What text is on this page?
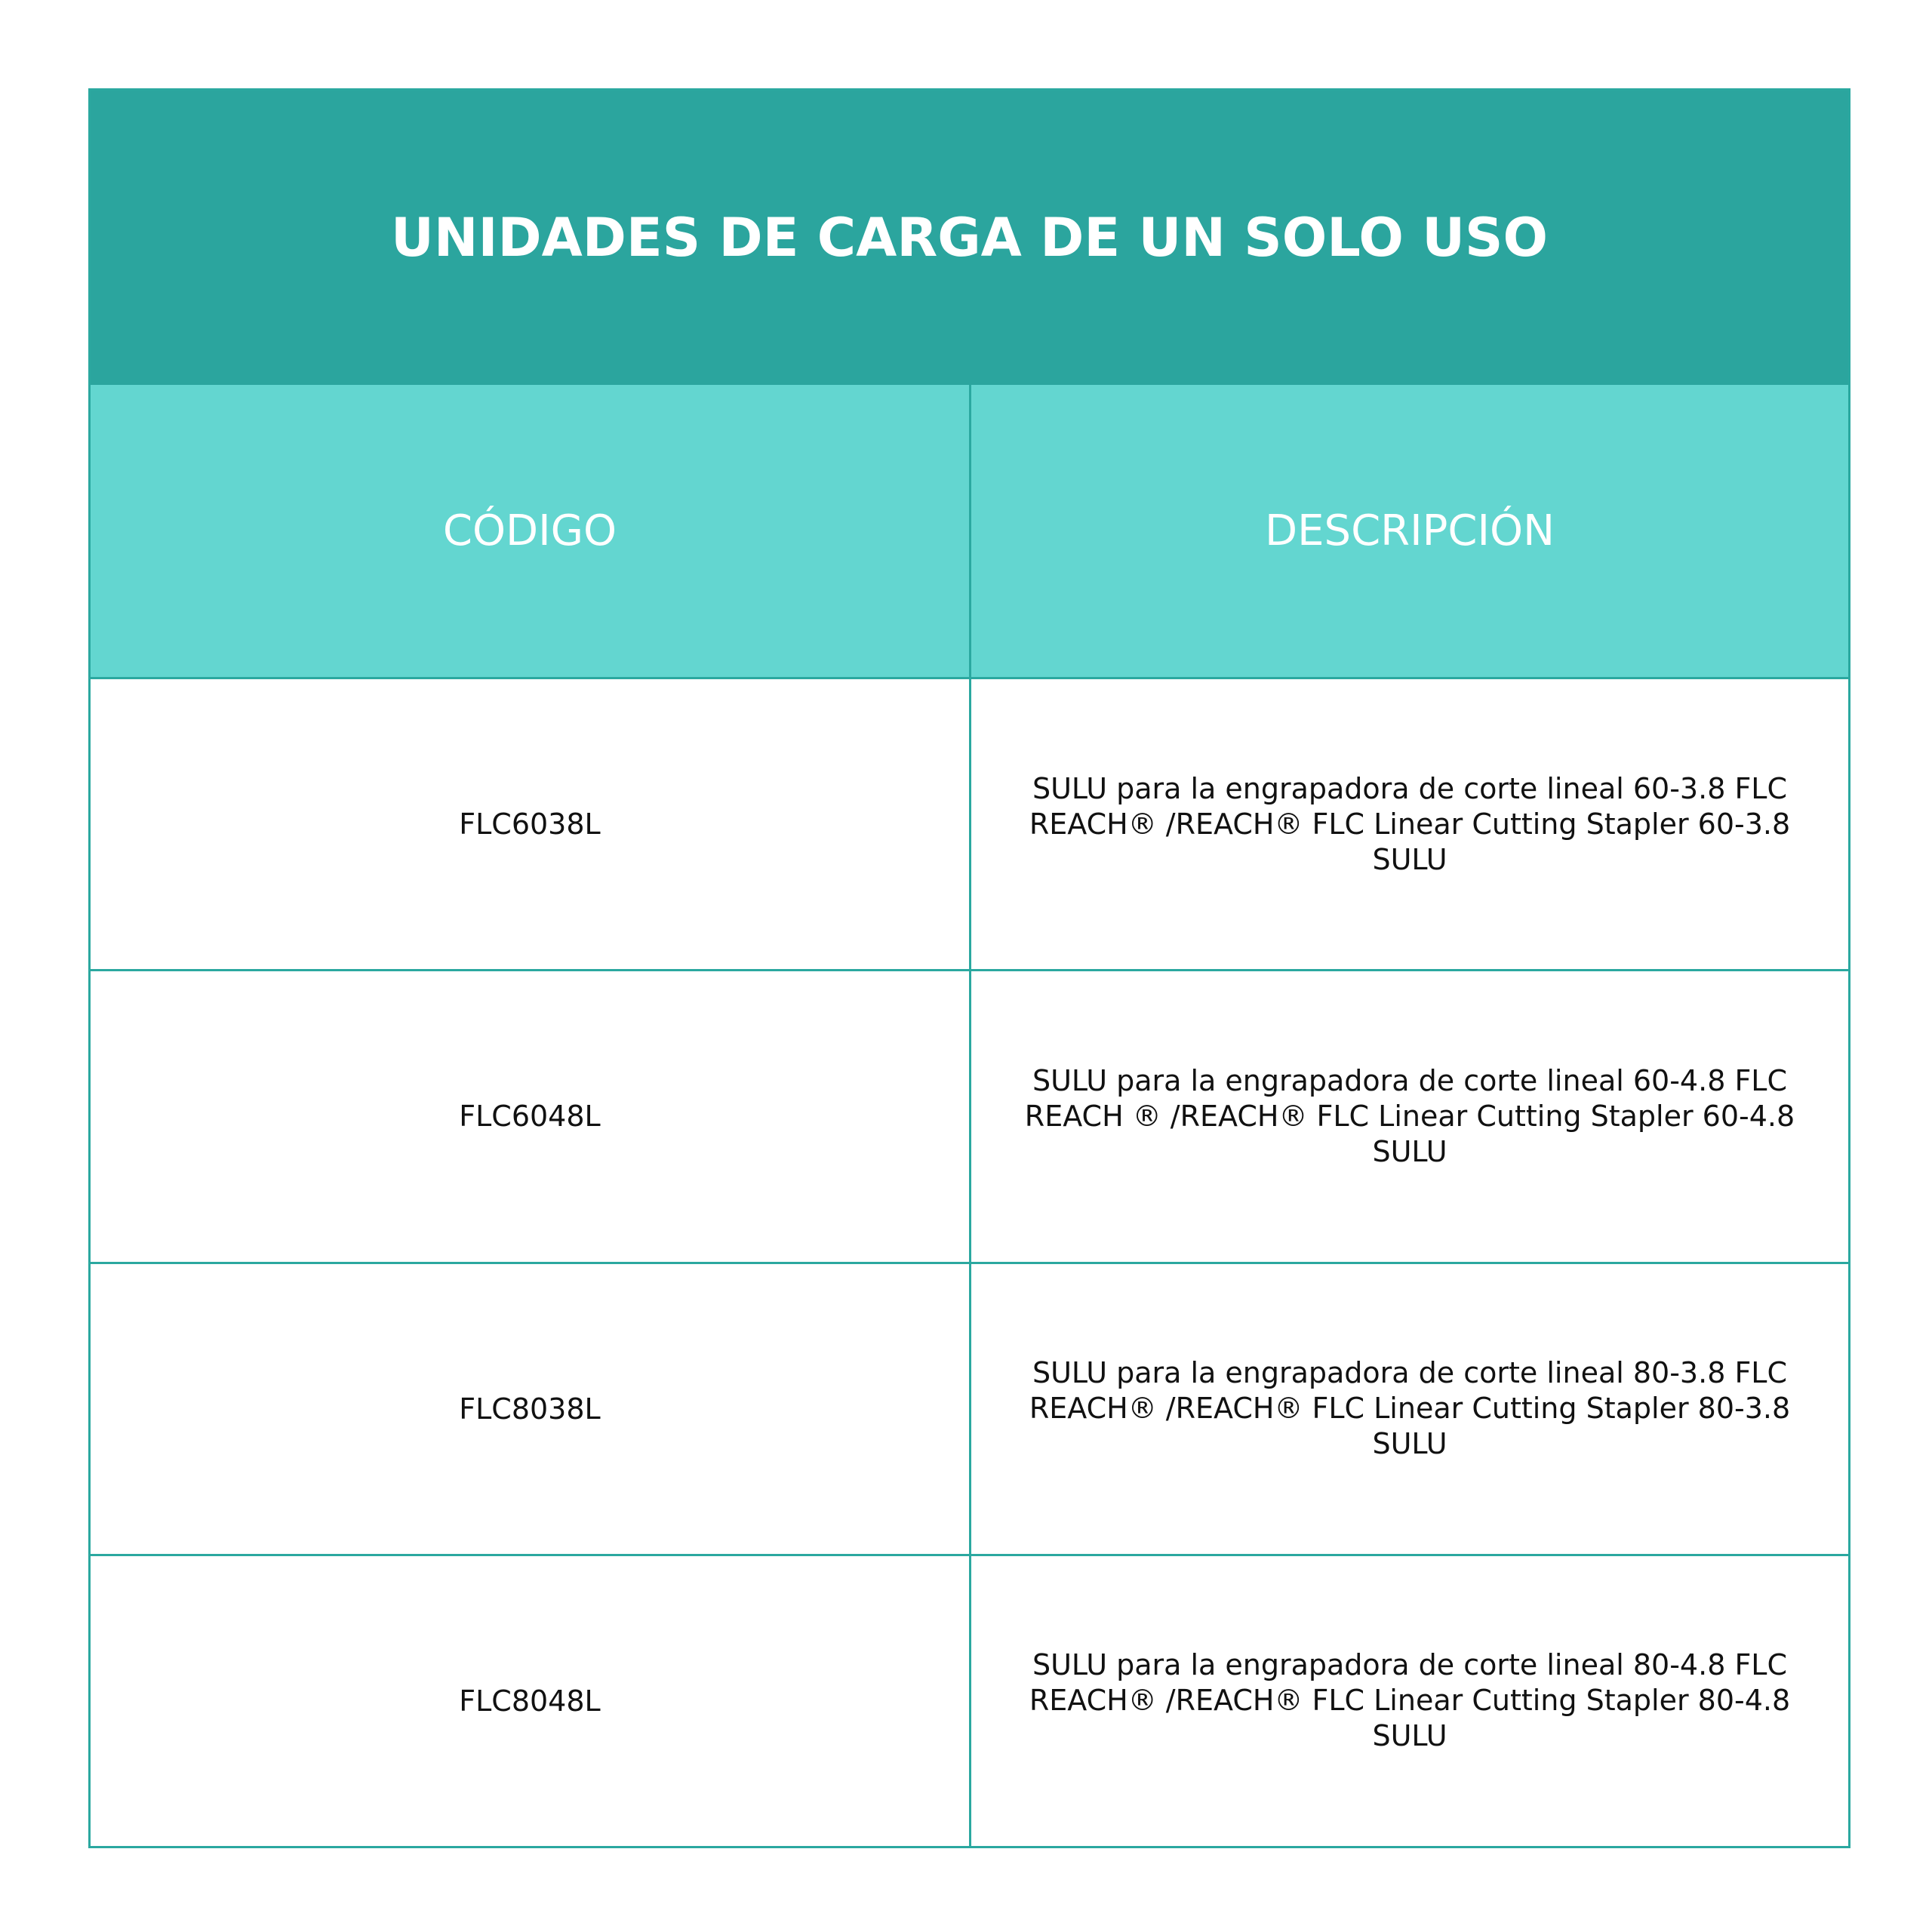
UNIDADES DE CARGA DE UN SOLO USO
CÓDIGO	DESCRIPCIÓN
FLC6038L
SULU para la engrapadora de corte lineal 60-3.8 FLC
REACH® /REACH® FLC Linear Cutting Stapler 60-3.8 SULU
FLC6048L
SULU para la engrapadora de corte lineal 60-4.8 FLC
REACH ® /REACH® FLC Linear Cutting Stapler 60-4.8 SULU
FLC8038L
SULU para la engrapadora de corte lineal 80-3.8 FLC
REACH® /REACH® FLC Linear Cutting Stapler 80-3.8 SULU
FLC8048L
SULU para la engrapadora de corte lineal 80-4.8 FLC
REACH® /REACH® FLC Linear Cutting Stapler 80-4.8 SULU
